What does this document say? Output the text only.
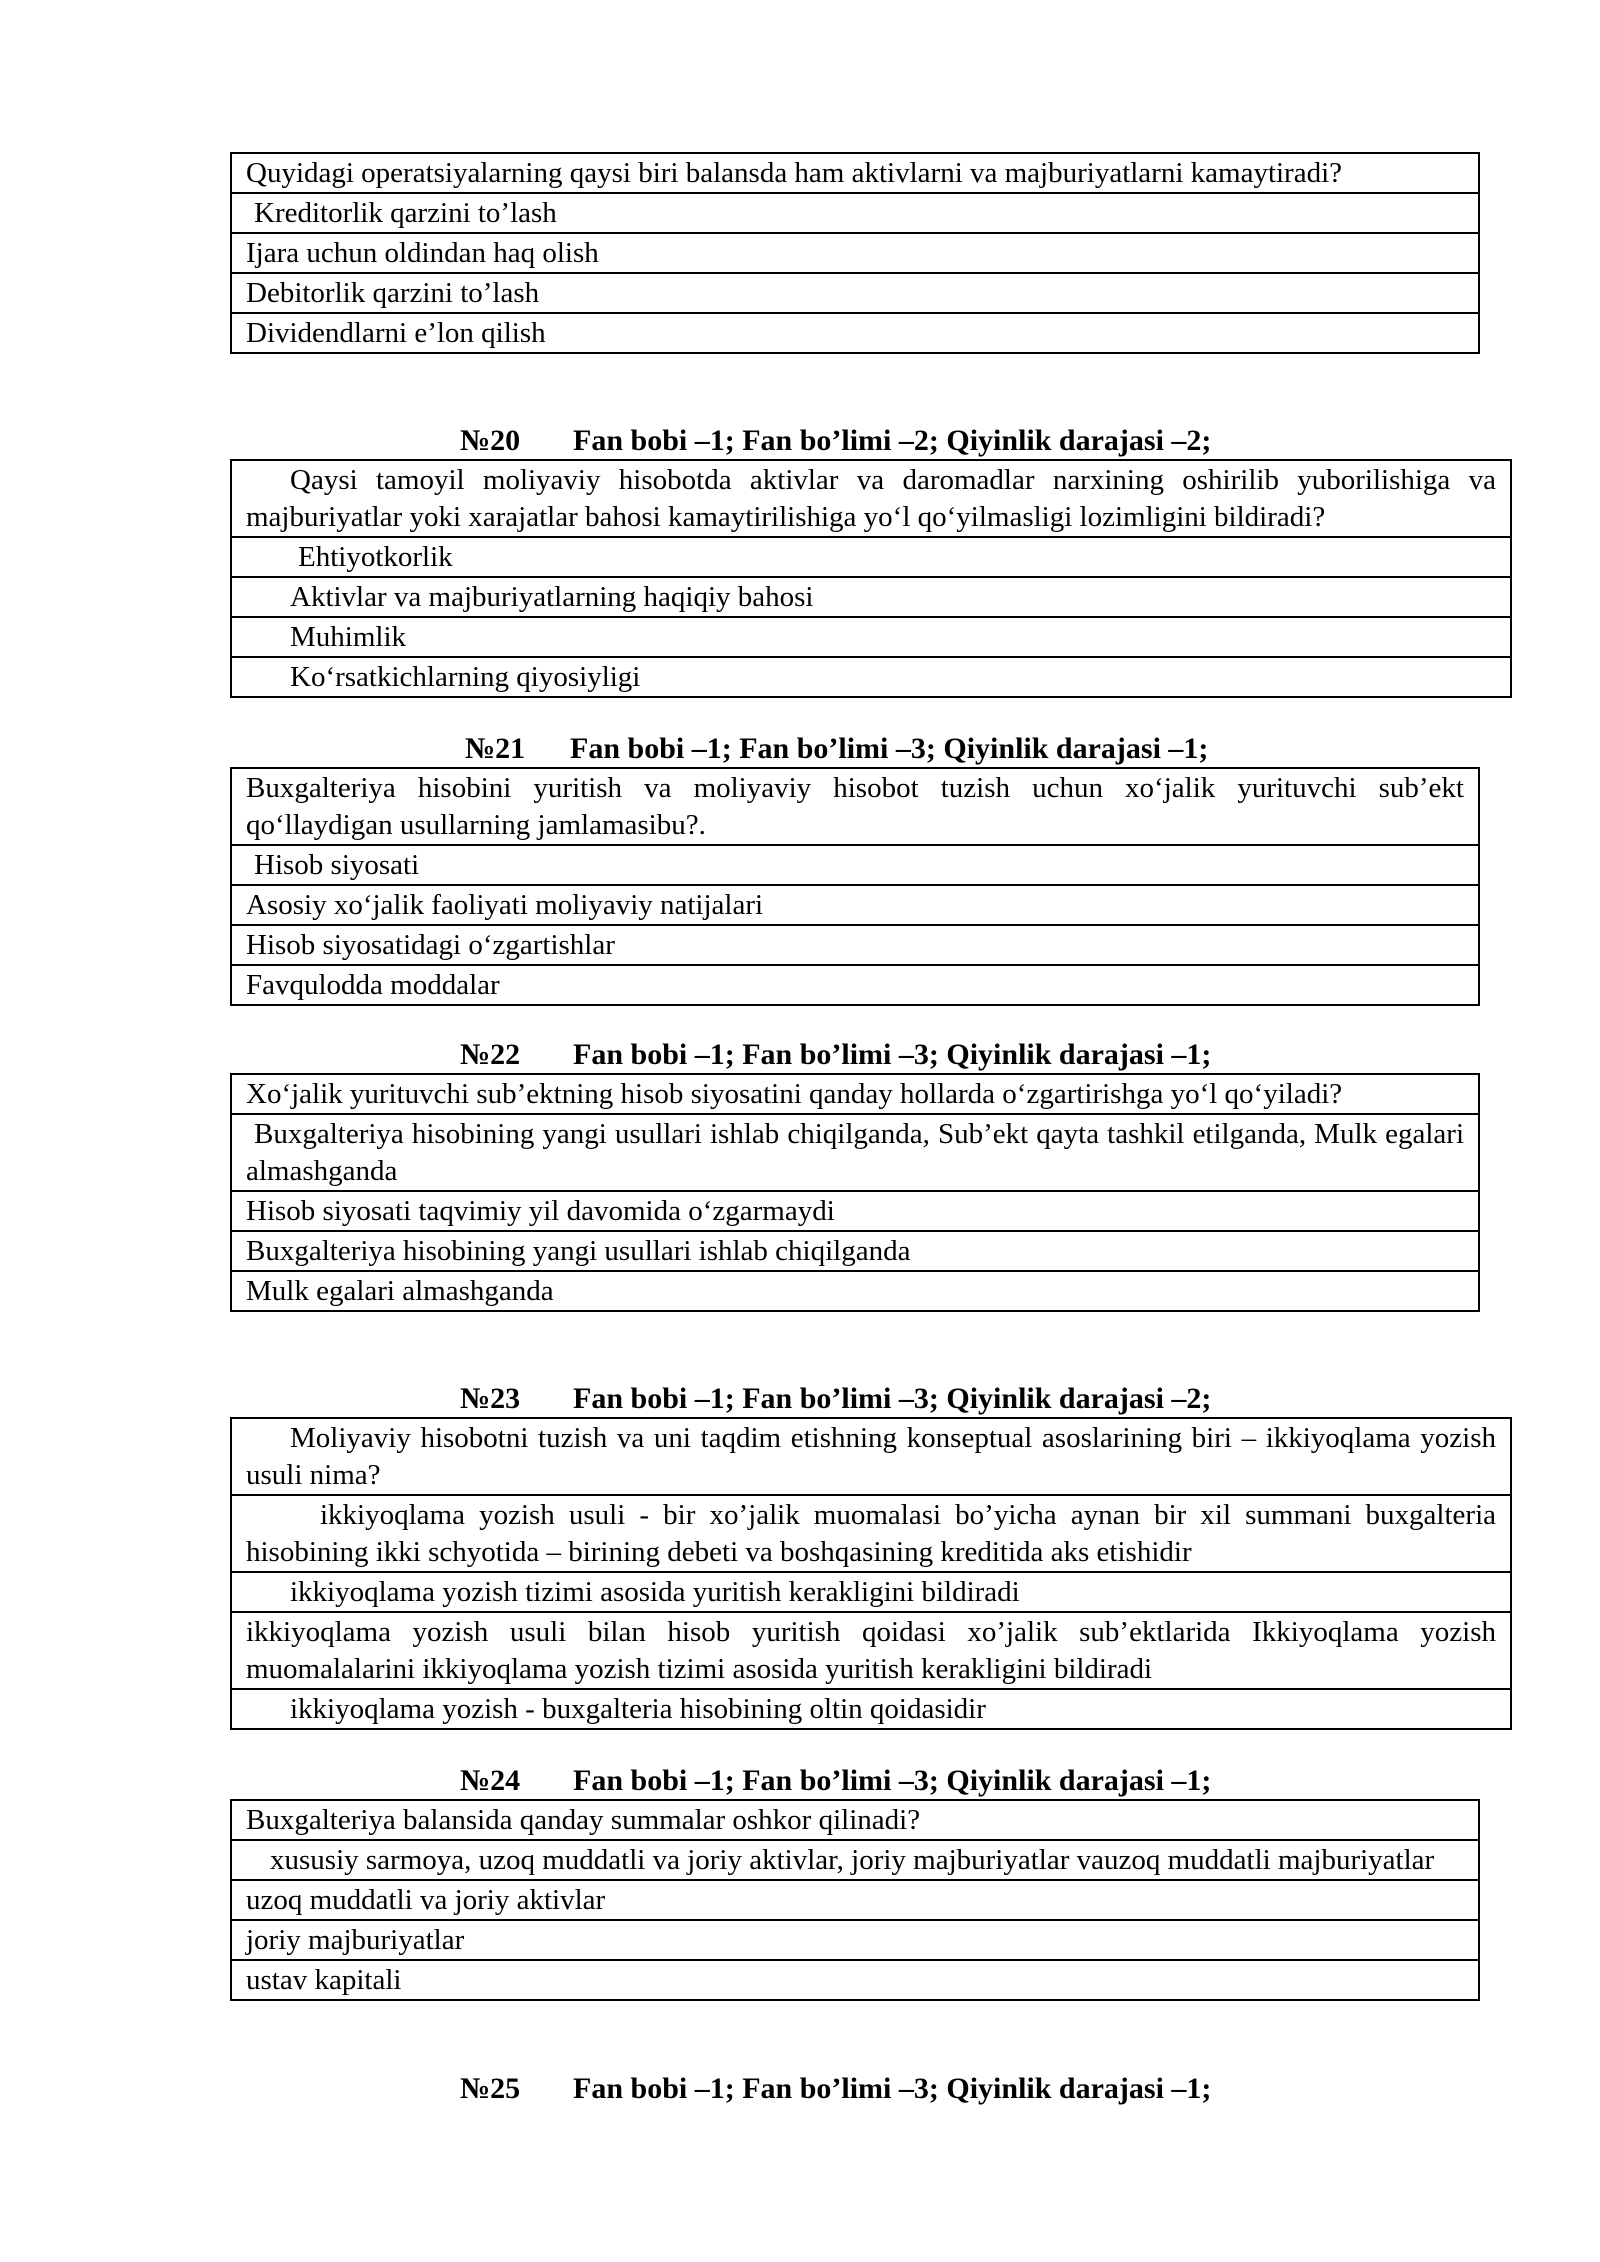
Quyidagi operatsiyalarning qaysi biri balansda ham aktivlarni va majburiyatlarni kamaytiradi?
Kreditorlik qarzini to’lash
Ijara uchun oldindan haq olish
Debitorlik qarzini to’lash
Dividendlarni e’lon qilish
№20 Fan bobi –1; Fan bo’limi –2; Qiyinlik darajasi –2;
Qaysi tamoyil moliyaviy hisobotda aktivlar va daromadlar narxining oshirilib yuborilishiga va majburiyatlar yoki xarajatlar bahosi kamaytirilishiga yo‘l qo‘yilmasligi lozimligini bildiradi?
Ehtiyotkorlik
Aktivlar va majburiyatlarning haqiqiy bahosi
Muhimlik
Ko‘rsatkichlarning qiyosiyligi
№21 Fan bobi –1; Fan bo’limi –3; Qiyinlik darajasi –1;
Buxgalteriya hisobini yuritish va moliyaviy hisobot tuzish uchun xo‘jalik yurituvchi sub’ekt qo‘llaydigan usullarning jamlamasibu?.
Hisob siyosati
Asosiy xo‘jalik faoliyati moliyaviy natijalari
Hisob siyosatidagi o‘zgartishlar
Favqulodda moddalar
№22 Fan bobi –1; Fan bo’limi –3; Qiyinlik darajasi –1;
Xo‘jalik yurituvchi sub’ektning hisob siyosatini qanday hollarda o‘zgartirishga yo‘l qo‘yiladi?
Buxgalteriya hisobining yangi usullari ishlab chiqilganda, Sub’ekt qayta tashkil etilganda, Mulk egalari almashganda
Hisob siyosati taqvimiy yil davomida o‘zgarmaydi
Buxgalteriya hisobining yangi usullari ishlab chiqilganda
Mulk egalari almashganda
№23 Fan bobi –1; Fan bo’limi –3; Qiyinlik darajasi –2;
Moliyaviy hisobotni tuzish va uni taqdim etishning konseptual asoslarining biri – ikkiyoqlama yozish usuli nima?
ikkiyoqlama yozish usuli - bir xo’jalik muomalasi bo’yicha aynan bir xil summani buxgalteria hisobining ikki schyotida – birining debeti va boshqasining kreditida aks etishidir
ikkiyoqlama yozish tizimi asosida yuritish kerakligini bildiradi
ikkiyoqlama yozish usuli bilan hisob yuritish qoidasi xo’jalik sub’ektlarida Ikkiyoqlama yozish muomalalarini ikkiyoqlama yozish tizimi asosida yuritish kerakligini bildiradi
ikkiyoqlama yozish - buxgalteria hisobining oltin qoidasidir
№24 Fan bobi –1; Fan bo’limi –3; Qiyinlik darajasi –1;
Buxgalteriya balansida qanday summalar oshkor qilinadi?
xususiy sarmoya, uzoq muddatli va joriy aktivlar, joriy majburiyatlar vauzoq muddatli majburiyatlar
uzoq muddatli va joriy aktivlar
joriy majburiyatlar
ustav kapitali
№25 Fan bobi –1; Fan bo’limi –3; Qiyinlik darajasi –1;
